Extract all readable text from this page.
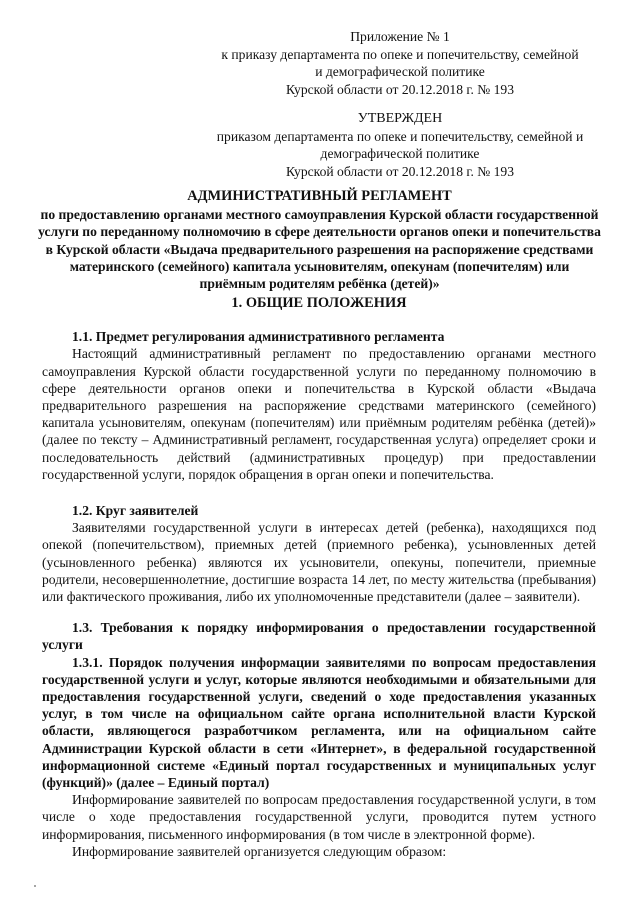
Приложение № 1
к приказу департамента по опеке и попечительству, семейной
и демографической политике
Курской области от 20.12.2018 г. № 193
УТВЕРЖДЕН
приказом департамента по опеке и попечительству, семейной и
демографической политике
Курской области от 20.12.2018 г. № 193
АДМИНИСТРАТИВНЫЙ РЕГЛАМЕНТ
по предоставлению органами местного самоуправления Курской области государственной услуги по переданному полномочию в сфере деятельности органов опеки и попечительства в Курской области «Выдача предварительного разрешения на распоряжение средствами материнского (семейного) капитала усыновителям, опекунам (попечителям) или приёмным родителям ребёнка (детей)»
1. ОБЩИЕ ПОЛОЖЕНИЯ
1.1. Предмет регулирования административного регламента

Настоящий административный регламент по предоставлению органами местного самоуправления Курской области государственной услуги по переданному полномочию в сфере деятельности органов опеки и попечительства в Курской области «Выдача предварительного разрешения на распоряжение средствами материнского (семейного) капитала усыновителям, опекунам (попечителям) или приёмным родителям ребёнка (детей)» (далее по тексту – Административный регламент, государственная услуга) определяет сроки и последовательность действий (административных процедур) при предоставлении государственной услуги, порядок обращения в орган опеки и попечительства.

1.2. Круг заявителей

Заявителями государственной услуги в интересах детей (ребенка), находящихся под опекой (попечительством), приемных детей (приемного ребенка), усыновленных детей (усыновленного ребенка) являются их усыновители, опекуны, попечители, приемные родители, несовершеннолетние, достигшие возраста 14 лет, по месту жительства (пребывания) или фактического проживания, либо их уполномоченные представители (далее – заявители).

1.3. Требования к порядку информирования о предоставлении государственной услуги

1.3.1. Порядок получения информации заявителями по вопросам предоставления государственной услуги и услуг, которые являются необходимыми и обязательными для предоставления государственной услуги, сведений о ходе предоставления указанных услуг, в том числе на официальном сайте органа исполнительной власти Курской области, являющегося разработчиком регламента, или на официальном сайте Администрации Курской области в сети «Интернет», в федеральной государственной информационной системе «Единый портал государственных и муниципальных услуг (функций)» (далее – Единый портал)

Информирование заявителей по вопросам предоставления государственной услуги, в том числе о ходе предоставления государственной услуги, проводится путем устного информирования, письменного информирования (в том числе в электронной форме).

Информирование заявителей организуется следующим образом:
